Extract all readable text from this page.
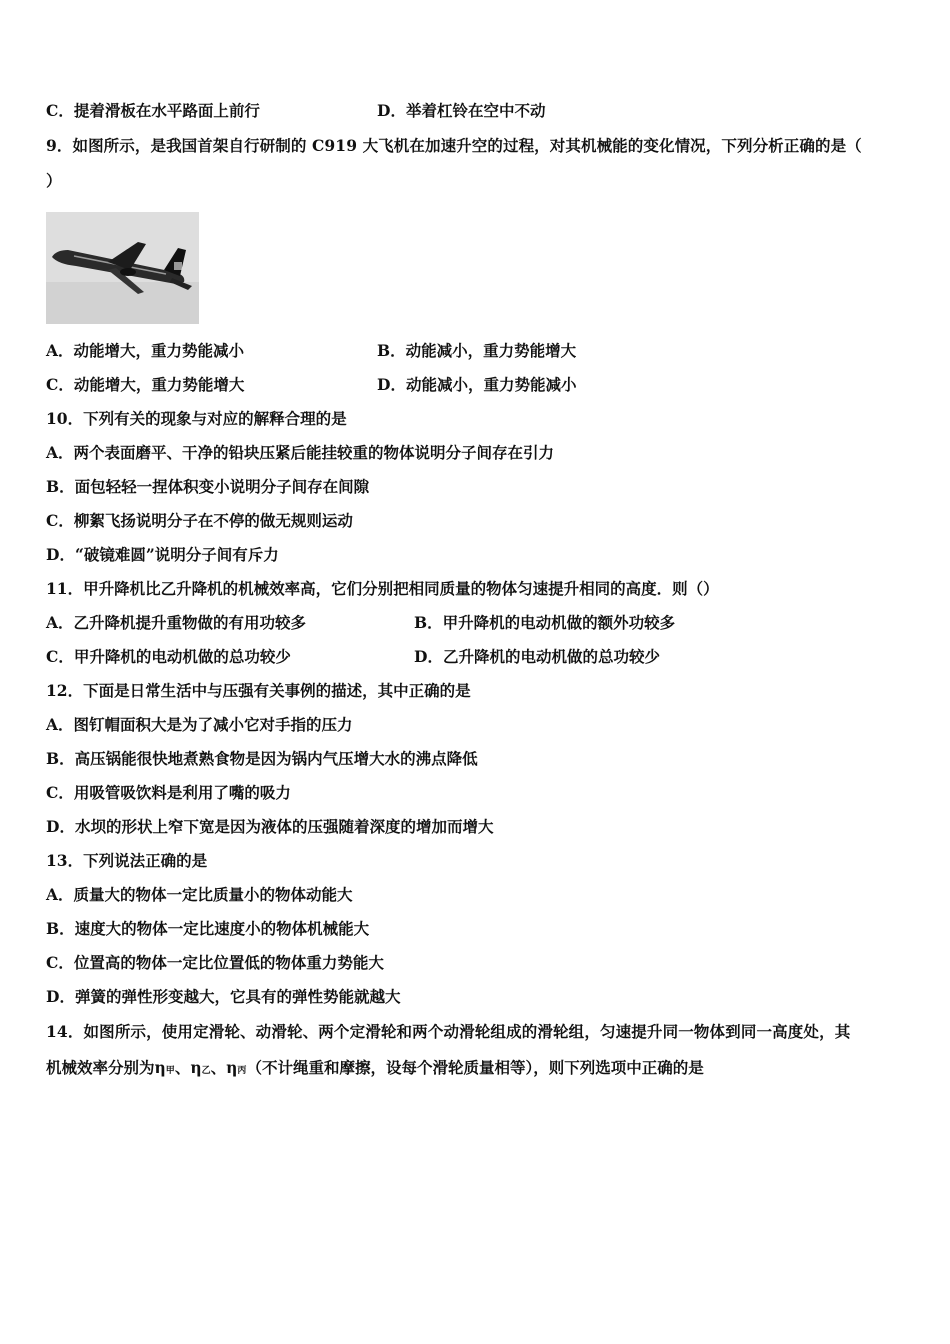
C．提着滑板在水平路面上前行	D．举着杠铃在空中不动
9．如图所示，是我国首架自行研制的 C919 大飞机在加速升空的过程，对其机械能的变化情况，下列分析正确的是（
）
A．动能增大，重力势能减小	B．动能减小，重力势能增大
C．动能增大，重力势能增大	D．动能减小，重力势能减小
10．下列有关的现象与对应的解释合理的是
A．两个表面磨平、干净的铅块压紧后能挂较重的物体说明分子间存在引力
B．面包轻轻一捏体积变小说明分子间存在间隙
C．柳絮飞扬说明分子在不停的做无规则运动
D．“破镜难圆”说明分子间有斥力
11．甲升降机比乙升降机的机械效率高，它们分别把相同质量的物体匀速提升相同的高度．则（）
A．乙升降机提升重物做的有用功较多	B．甲升降机的电动机做的额外功较多
C．甲升降机的电动机做的总功较少	D．乙升降机的电动机做的总功较少
12．下面是日常生活中与压强有关事例的描述，其中正确的是
A．图钉帽面积大是为了减小它对手指的压力
B．高压锅能很快地煮熟食物是因为锅内气压增大水的沸点降低
C．用吸管吸饮料是利用了嘴的吸力
D．水坝的形状上窄下宽是因为液体的压强随着深度的增加而增大
13．下列说法正确的是
A．质量大的物体一定比质量小的物体动能大
B．速度大的物体一定比速度小的物体机械能大
C．位置高的物体一定比位置低的物体重力势能大
D．弹簧的弹性形变越大，它具有的弹性势能就越大
14．如图所示，使用定滑轮、动滑轮、两个定滑轮和两个动滑轮组成的滑轮组，匀速提升同一物体到同一高度处，其
机械效率分别为η甲、η乙、η丙（不计绳重和摩擦，设每个滑轮质量相等），则下列选项中正确的是
